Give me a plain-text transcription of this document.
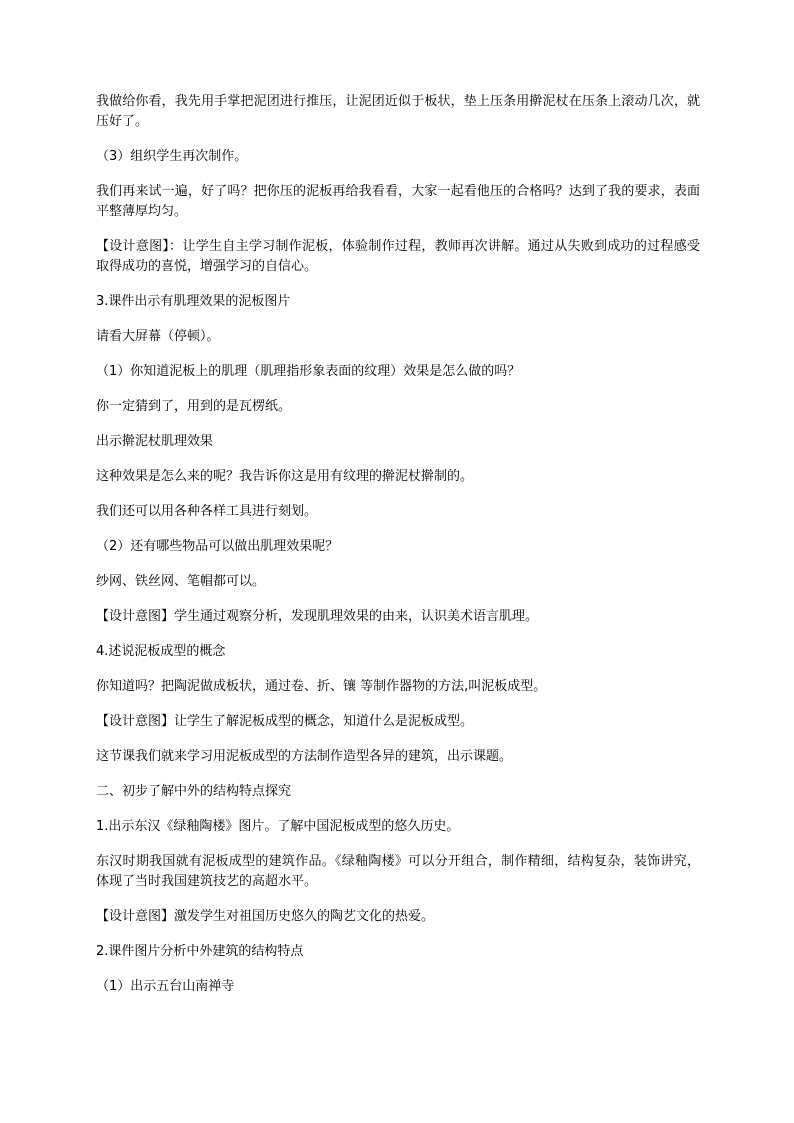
我做给你看，我先用手掌把泥团进行推压，让泥团近似于板状，垫上压条用擀泥杖在压条上滚动几次，就压好了。

（3）组织学生再次制作。

我们再来试一遍，好了吗？把你压的泥板再给我看看，大家一起看他压的合格吗？达到了我的要求，表面平整薄厚均匀。

【设计意图】：让学生自主学习制作泥板，体验制作过程，教师再次讲解。通过从失败到成功的过程感受取得成功的喜悦，增强学习的自信心。

3.课件出示有肌理效果的泥板图片

请看大屏幕（停顿）。

（1）你知道泥板上的肌理（肌理指形象表面的纹理）效果是怎么做的吗？

你一定猜到了，用到的是瓦楞纸。

出示擀泥杖肌理效果

这种效果是怎么来的呢？我告诉你这是用有纹理的擀泥杖擀制的。

我们还可以用各种各样工具进行刻划。

（2）还有哪些物品可以做出肌理效果呢？

纱网、铁丝网、笔帽都可以。

【设计意图】学生通过观察分析，发现肌理效果的由来，认识美术语言肌理。

4.述说泥板成型的概念

你知道吗？把陶泥做成板状，通过卷、折、镶 等制作器物的方法,叫泥板成型。

【设计意图】让学生了解泥板成型的概念，知道什么是泥板成型。

这节课我们就来学习用泥板成型的方法制作造型各异的建筑，出示课题。

二、初步了解中外的结构特点探究

1.出示东汉《绿釉陶楼》图片。了解中国泥板成型的悠久历史。

东汉时期我国就有泥板成型的建筑作品。《绿釉陶楼》可以分开组合，制作精细，结构复杂，装饰讲究，体现了当时我国建筑技艺的高超水平。

【设计意图】激发学生对祖国历史悠久的陶艺文化的热爱。

2.课件图片分析中外建筑的结构特点

（1）出示五台山南禅寺
